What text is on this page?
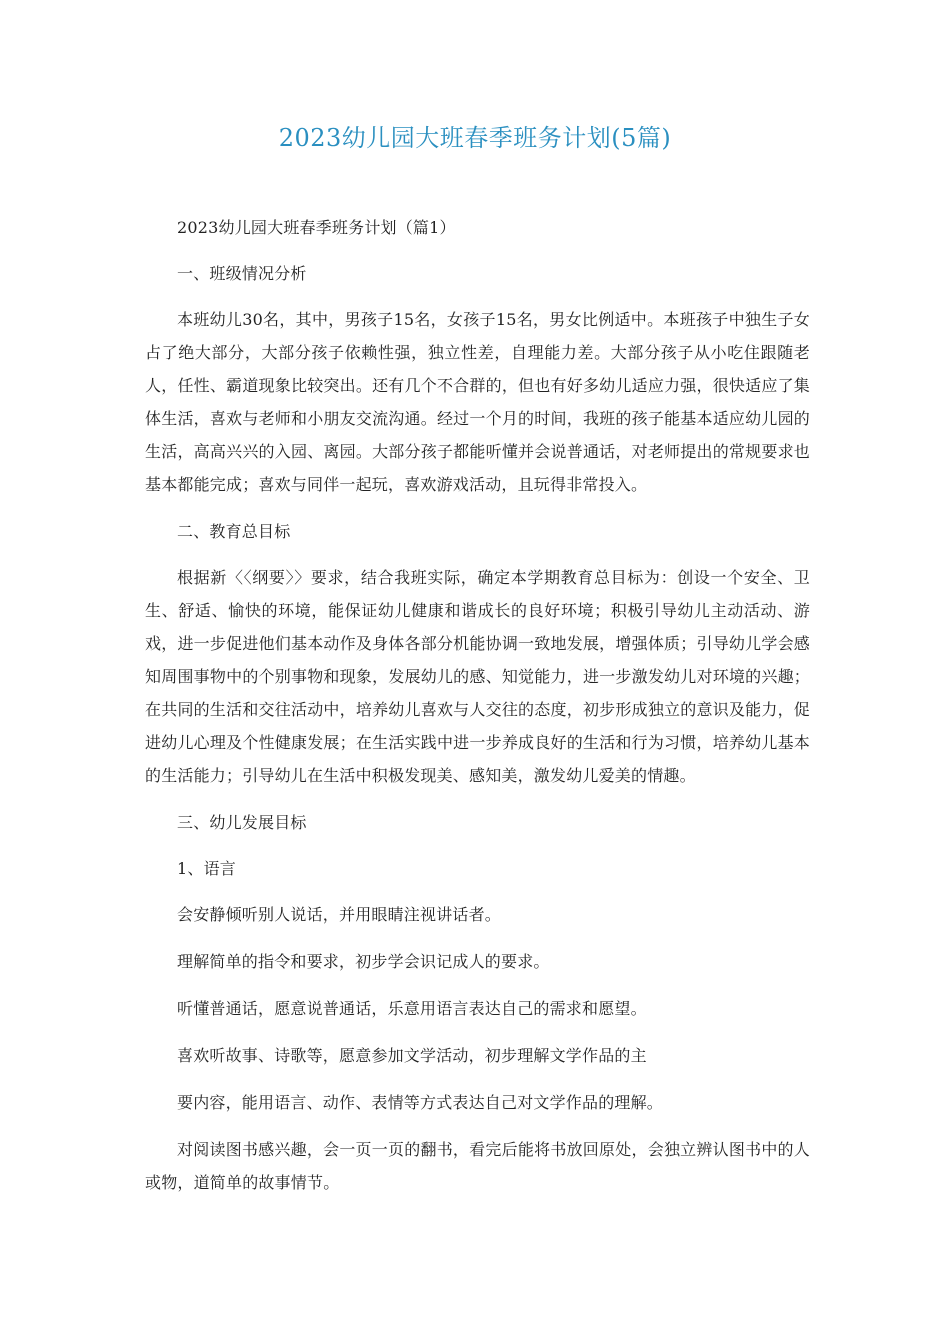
2023幼儿园大班春季班务计划(5篇)

2023幼儿园大班春季班务计划（篇1）

一、班级情况分析

本班幼儿30名，其中，男孩子15名，女孩子15名，男女比例适中。本班孩子中独生子女占了绝大部分，大部分孩子依赖性强，独立性差，自理能力差。大部分孩子从小吃住跟随老人，任性、霸道现象比较突出。还有几个不合群的，但也有好多幼儿适应力强，很快适应了集体生活，喜欢与老师和小朋友交流沟通。经过一个月的时间，我班的孩子能基本适应幼儿园的生活，高高兴兴的入园、离园。大部分孩子都能听懂并会说普通话，对老师提出的常规要求也基本都能完成；喜欢与同伴一起玩，喜欢游戏活动，且玩得非常投入。

二、教育总目标

根据新〈〈纲要〉〉要求，结合我班实际，确定本学期教育总目标为：创设一个安全、卫生、舒适、愉快的环境，能保证幼儿健康和谐成长的良好环境；积极引导幼儿主动活动、游戏，进一步促进他们基本动作及身体各部分机能协调一致地发展，增强体质；引导幼儿学会感知周围事物中的个别事物和现象，发展幼儿的感、知觉能力，进一步激发幼儿对环境的兴趣；在共同的生活和交往活动中，培养幼儿喜欢与人交往的态度，初步形成独立的意识及能力，促进幼儿心理及个性健康发展；在生活实践中进一步养成良好的生活和行为习惯，培养幼儿基本的生活能力；引导幼儿在生活中积极发现美、感知美，激发幼儿爱美的情趣。

三、幼儿发展目标

1、语言

会安静倾听别人说话，并用眼睛注视讲话者。

理解简单的指令和要求，初步学会识记成人的要求。

听懂普通话，愿意说普通话，乐意用语言表达自己的需求和愿望。

喜欢听故事、诗歌等，愿意参加文学活动，初步理解文学作品的主

要内容，能用语言、动作、表情等方式表达自己对文学作品的理解。

对阅读图书感兴趣，会一页一页的翻书，看完后能将书放回原处，会独立辨认图书中的人或物，道简单的故事情节。
